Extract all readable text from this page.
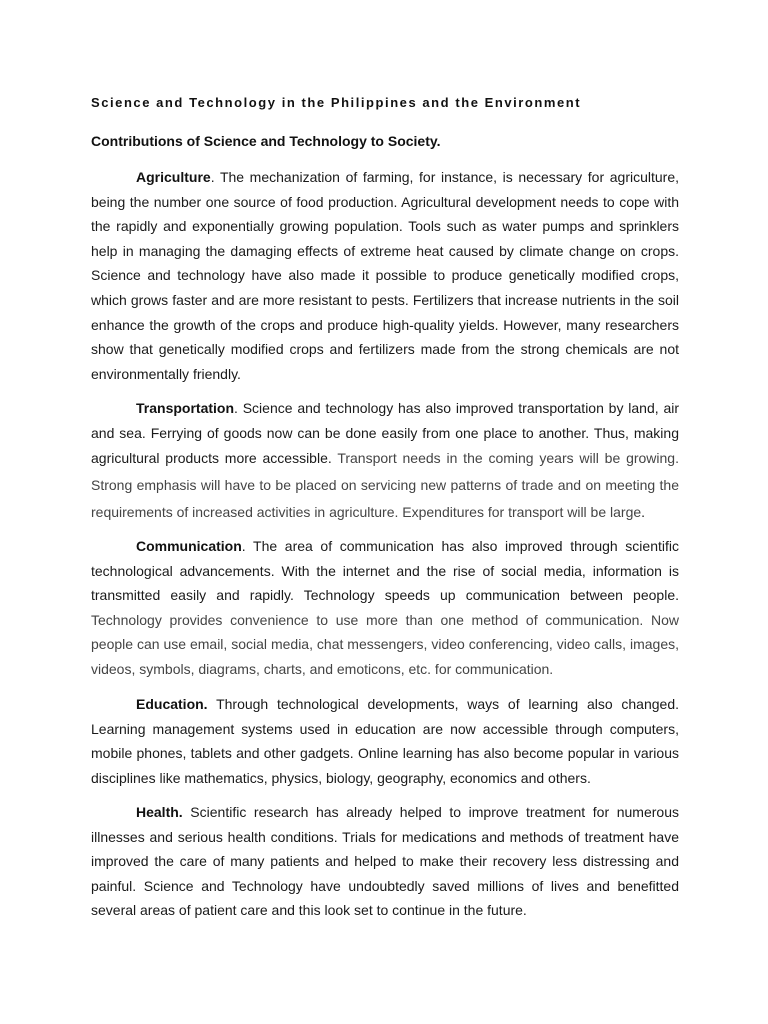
Science and Technology in the Philippines and the Environment
Contributions of Science and Technology to Society.

Agriculture. The mechanization of farming, for instance, is necessary for agriculture, being the number one source of food production. Agricultural development needs to cope with the rapidly and exponentially growing population. Tools such as water pumps and sprinklers help in managing the damaging effects of extreme heat caused by climate change on crops. Science and technology have also made it possible to produce genetically modified crops, which grows faster and are more resistant to pests. Fertilizers that increase nutrients in the soil enhance the growth of the crops and produce high-quality yields. However, many researchers show that genetically modified crops and fertilizers made from the strong chemicals are not environmentally friendly.

Transportation. Science and technology has also improved transportation by land, air and sea. Ferrying of goods now can be done easily from one place to another. Thus, making agricultural products more accessible. Transport needs in the coming years will be growing. Strong emphasis will have to be placed on servicing new patterns of trade and on meeting the requirements of increased activities in agriculture. Expenditures for transport will be large.

Communication. The area of communication has also improved through scientific technological advancements. With the internet and the rise of social media, information is transmitted easily and rapidly. Technology speeds up communication between people. Technology provides convenience to use more than one method of communication. Now people can use email, social media, chat messengers, video conferencing, video calls, images, videos, symbols, diagrams, charts, and emoticons, etc. for communication.

Education. Through technological developments, ways of learning also changed. Learning management systems used in education are now accessible through computers, mobile phones, tablets and other gadgets. Online learning has also become popular in various disciplines like mathematics, physics, biology, geography, economics and others.

Health. Scientific research has already helped to improve treatment for numerous illnesses and serious health conditions. Trials for medications and methods of treatment have improved the care of many patients and helped to make their recovery less distressing and painful. Science and Technology have undoubtedly saved millions of lives and benefitted several areas of patient care and this look set to continue in the future.
